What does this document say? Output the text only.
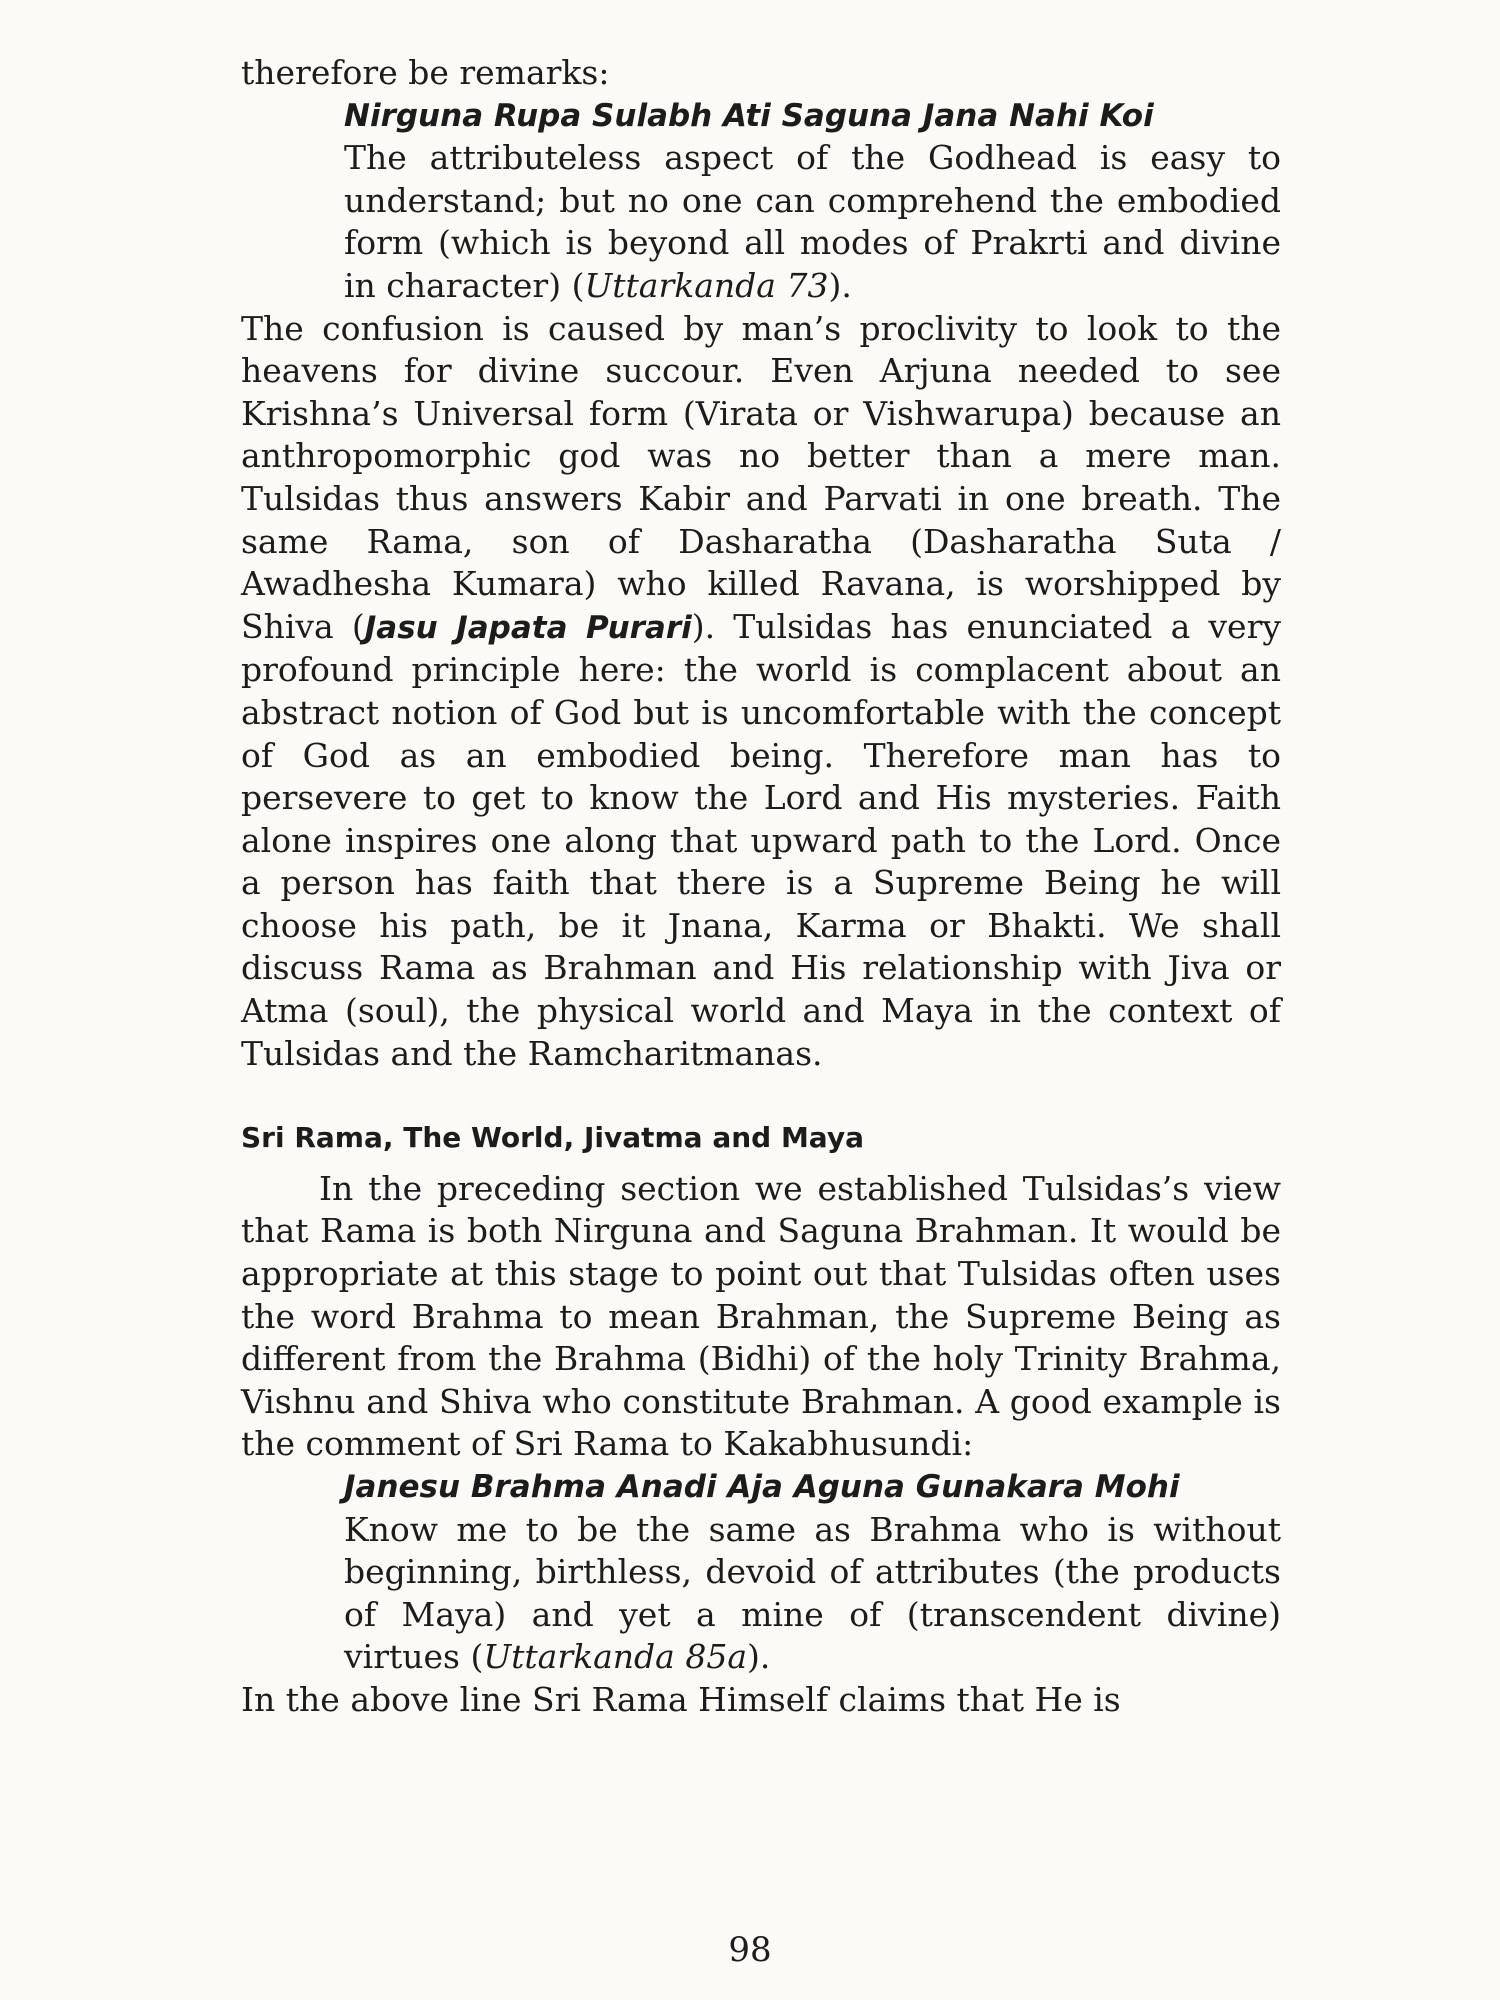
therefore be remarks:

Nirguna Rupa Sulabh Ati Saguna Jana Nahi Koi

The attributeless aspect of the Godhead is easy to understand; but no one can comprehend the embodied form (which is beyond all modes of Prakrti and divine in character) (Uttarkanda 73).

The confusion is caused by man’s proclivity to look to the heavens for divine succour. Even Arjuna needed to see Krishna’s Universal form (Virata or Vishwarupa) because an anthropomorphic god was no better than a mere man. Tulsidas thus answers Kabir and Parvati in one breath. The same Rama, son of Dasharatha (Dasharatha Suta / Awadhesha Kumara) who killed Ravana, is worshipped by Shiva (Jasu Japata Purari). Tulsidas has enunciated a very profound principle here: the world is complacent about an abstract notion of God but is uncomfortable with the concept of God as an embodied being. Therefore man has to persevere to get to know the Lord and His mysteries. Faith alone inspires one along that upward path to the Lord. Once a person has faith that there is a Supreme Being he will choose his path, be it Jnana, Karma or Bhakti. We shall discuss Rama as Brahman and His relationship with Jiva or Atma (soul), the physical world and Maya in the context of Tulsidas and the Ramcharitmanas.

Sri Rama, The World, Jivatma and Maya

In the preceding section we established Tulsidas’s view that Rama is both Nirguna and Saguna Brahman. It would be appropriate at this stage to point out that Tulsidas often uses the word Brahma to mean Brahman, the Supreme Being as different from the Brahma (Bidhi) of the holy Trinity Brahma, Vishnu and Shiva who constitute Brahman. A good example is the comment of Sri Rama to Kakabhusundi:

Janesu Brahma Anadi Aja Aguna Gunakara Mohi

Know me to be the same as Brahma who is without beginning, birthless, devoid of attributes (the products of Maya) and yet a mine of (transcendent divine) virtues (Uttarkanda 85a).

In the above line Sri Rama Himself claims that He is

98
